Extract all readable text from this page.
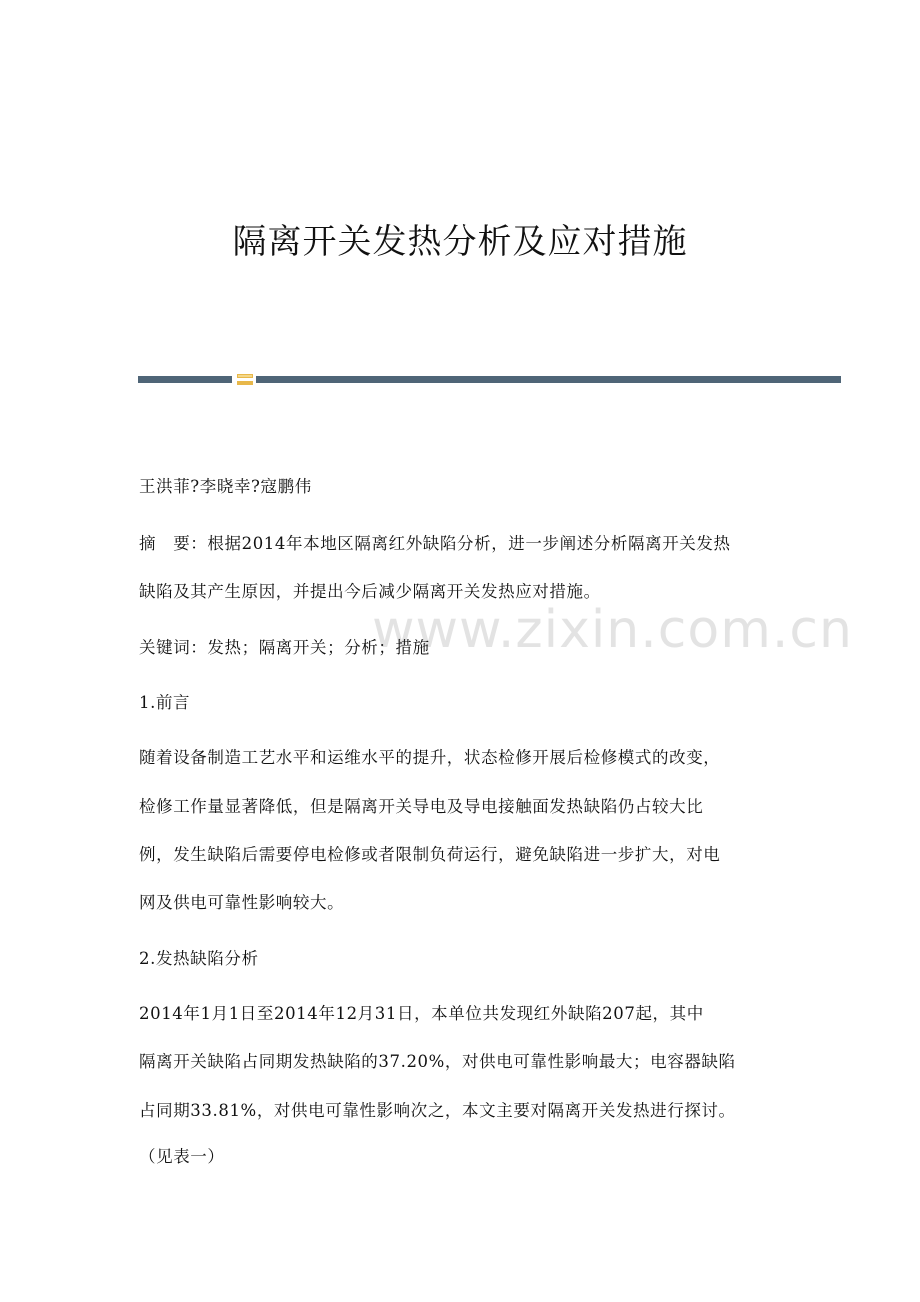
隔离开关发热分析及应对措施
www.zixin.com.cn
王洪菲?李晓幸?寇鹏伟
摘　要：根据2014年本地区隔离红外缺陷分析，进一步阐述分析隔离开关发热
缺陷及其产生原因，并提出今后减少隔离开关发热应对措施。
关键词：发热；隔离开关；分析；措施
1.前言
随着设备制造工艺水平和运维水平的提升，状态检修开展后检修模式的改变，
检修工作量显著降低，但是隔离开关导电及导电接触面发热缺陷仍占较大比
例，发生缺陷后需要停电检修或者限制负荷运行，避免缺陷进一步扩大，对电
网及供电可靠性影响较大。
2.发热缺陷分析
2014年1月1日至2014年12月31日，本单位共发现红外缺陷207起，其中
隔离开关缺陷占同期发热缺陷的37.20%，对供电可靠性影响最大；电容器缺陷
占同期33.81%，对供电可靠性影响次之，本文主要对隔离开关发热进行探讨。
（见表一）
